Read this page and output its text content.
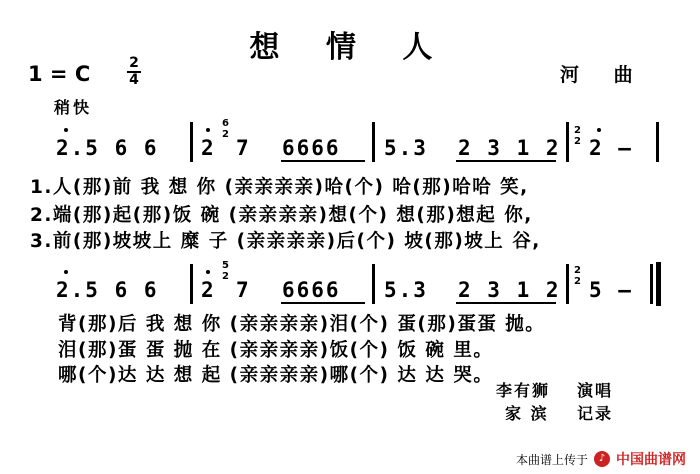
想 情 人
1 = C	2
4	河 曲
稍快
2.5 6 6 2
6
2
7 6666 5.3 2 3 1 2
2
2 2 —
1.人(那)前 我 想 你 (亲亲亲亲)哈(个) 哈(那)哈哈 笑,
2.端(那)起(那)饭 碗 (亲亲亲亲)想(个) 想(那)想起 你,
3.前(那)坡坡上 糜 子 (亲亲亲亲)后(个) 坡(那)坡上 谷,
2.5 6 6 2
5
2
7 6666 5.3 2 3 1 2
2
2 5 —
背(那)后 我 想 你 (亲亲亲亲)泪(个) 蛋(那)蛋蛋 抛。
泪(那)蛋 蛋 抛 在 (亲亲亲亲)饭(个) 饭 碗 里。
哪(个)达 达 想 起 (亲亲亲亲)哪(个) 达 达 哭。
李有狮 演唱
家 滨 记录
本曲谱上传于	♪ 中国曲谱网
